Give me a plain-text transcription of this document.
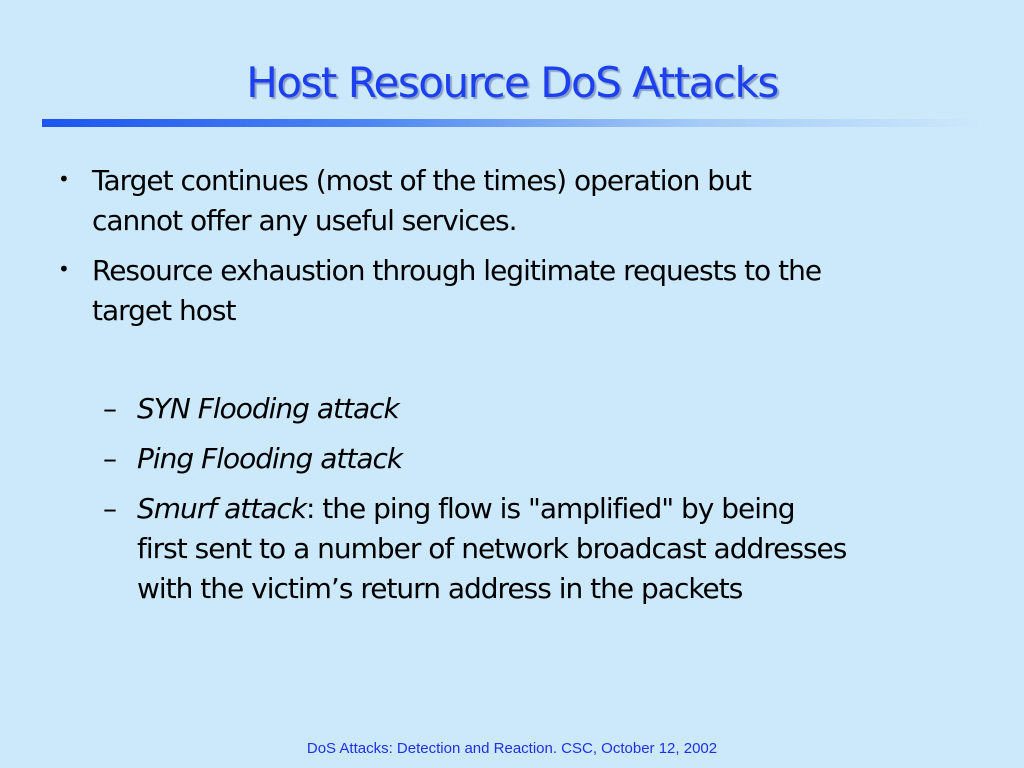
Host Resource DoS Attacks
• Target continues (most of the times) operation but
cannot offer any useful services.
• Resource exhaustion through legitimate requests to the
target host
– SYN Flooding attack
– Ping Flooding attack
– Smurf attack: the ping flow is "amplified" by being
first sent to a number of network broadcast addresses
with the victim’s return address in the packets
DoS Attacks: Detection and Reaction. CSC, October 12, 2002
